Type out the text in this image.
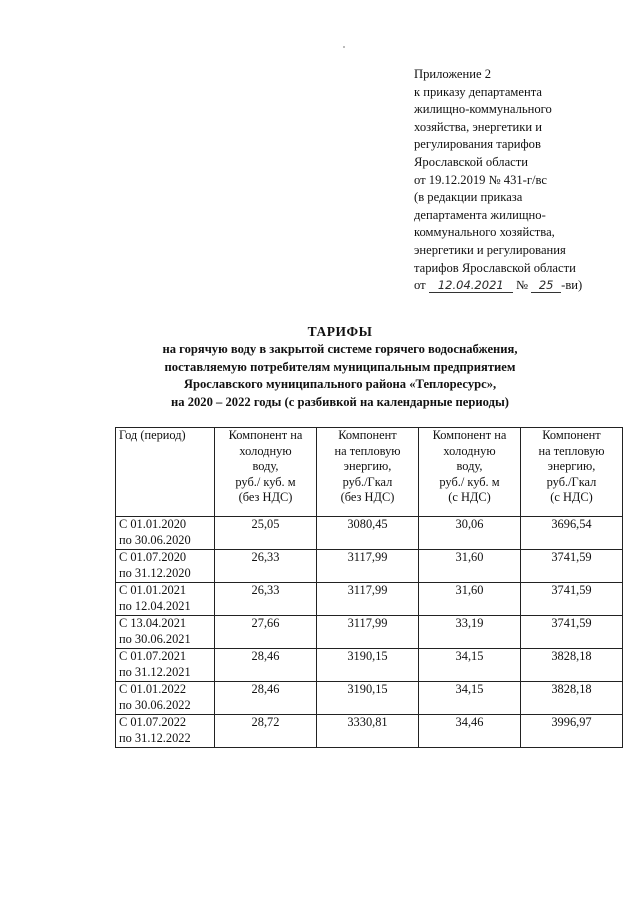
Приложение 2
к приказу департамента
жилищно-коммунального
хозяйства, энергетики и
регулирования тарифов
Ярославской области
от 19.12.2019 № 431-г/вс
(в редакции приказа
департамента жилищно-
коммунального хозяйства,
энергетики и регулирования
тарифов Ярославской области
от 12.04.2021 № 25 -ви)
ТАРИФЫ
на горячую воду в закрытой системе горячего водоснабжения,
поставляемую потребителям муниципальным предприятием
Ярославского муниципального района «Теплоресурс»,
на 2020 – 2022 годы (с разбивкой на календарные периоды)
Год (период)	Компонент на
холодную
воду,
руб./ куб. м
(без НДС)	Компонент
на тепловую
энергию,
руб./Гкал
(без НДС)	Компонент на
холодную
воду,
руб./ куб. м
(с НДС)	Компонент
на тепловую
энергию,
руб./Гкал
(с НДС)

С 01.01.2020
по 30.06.2020	25,05	3080,45	30,06	3696,54

С 01.07.2020
по 31.12.2020	26,33	3117,99	31,60	3741,59

С 01.01.2021
по 12.04.2021	26,33	3117,99	31,60	3741,59

С 13.04.2021
по 30.06.2021	27,66	3117,99	33,19	3741,59

С 01.07.2021
по 31.12.2021	28,46	3190,15	34,15	3828,18

С 01.01.2022
по 30.06.2022	28,46	3190,15	34,15	3828,18

С 01.07.2022
по 31.12.2022	28,72	3330,81	34,46	3996,97
